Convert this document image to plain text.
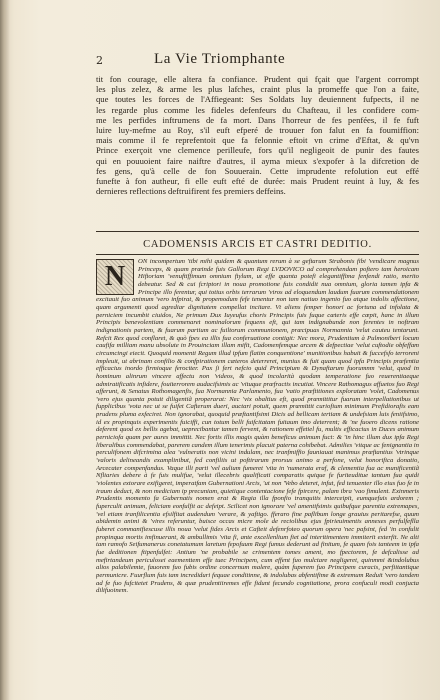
2	La Vie Triomphante
tit fon courage, elle altera fa confiance. Prudent qui fçait que l'argent corrompt
les plus zelez, & arme les plus lafches, craint plus la promeffe que l'on a faite,
que toutes les forces de l'Affiegeant: Ses Soldats luy deuiennent fufpects, il ne
les regarde plus comme les fideles defenfeurs du Chafteau, il les confidere com-
me les perfides inftrumens de fa mort. Dans l'horreur de fes penfées, il fe fuft
luire luy-mefme au Roy, s'il euft efperé de trouuer fon falut en fa foumiffion:
mais comme il fe reprefentoit que fa felonnie eftoit vn crime d'Eftat, & qu'vn
Prince exerçoit vne clemence perilleufe, fors qu'il negligeoit de punir des fautes
qui en pouuoient faire naiftre d'autres, il ayma mieux s'expofer à la difcretion de
fes gens, qu'à celle de fon Souuerain. Cette imprudente refolution eut effé
funefte à fon autheur, fi elle euft efté de durée: mais Prudent reuint à luy, & fes
dernieres reflections deftruifirent fes premiers deffeins.
CADOMENSIS ARCIS ET CASTRI DEDITIO.
N	ON incompertum 'tibi mihi quidem & quantum rerum à se geftarum Strabonis fibi 'vendicare magnus Princeps, & quam præinde fuis Gallorum Regi LVDOVICO ad comprehendam poftero tam heroicam Hiftoriam 'venuftiffimum omnium ftylum, ut effe quanta potefi elegantiffima fenfendi ratio, merito debeatur. Sed & cui fcriptori in noua promotione fuis condidit nua omnium, gloria tamen ipfa & Principe illo ferentur, qui totius orbis terrarum 'viros ad eloquendum laudum fuarum commendationem excitauit fuo animum 'vero infpirat, & propemodum fefe tenentur non tam natiuo ingenio fuo atque indolis affectione, quam argumenti quod agrediar dignitatem compellat incitare. Vt aliens femper honori ac fortuna ad infolata & perniciem incumbit ciuidos, Ne primum Dux Iuyeufus choris Principis fuis fuque cæteris effe cœpit, hanc in illum Principis benevolentiam commenaret nominalorum fequens eft, qui tam indignabunde non ferentes in noftram indignationis partem, & fuarum partium ac fuiltorum communionem, præcipuas Normannia 'velut cauteu tentarunt. Refcit Rex quod conflaret, & quò fpes ea illis fua conferuatione contigit: Nec mora, Prudentium à Pulmoniberi locum caufifa milliam manu ubsolute in Prouinciam illam mifit, Cadomenfemque arcem & defpectiae 'velut cuftodie obfeffam circumcingi eiecit. Quoquid momenti Regum illud ipfum flatim conquentione' munitionibus habuit & fuccefsfo terroreni impleuit, ut abrinam confilio & confpirationem cæteros deterreret, munius & fuit quam quod ipfa Principis præfentia efficacius inordo firmioque ferociter. Pax ſi fert nefcio quid Principium & Dynaftarum fuorumnm 'velut, quod in hominum alinrum vincere affectu non 'videos, & quod incolarità quodam temperatione fuo reuerentiaeque admiratificatis infidere, fouiterrorem audacifsimis ac 'vituque præfractis incutiat. Vincere Rathomagus affuetos fuo Regi afferunt, & Senatus Rothomagenfis, fua Normannia Parlamento, fua 'vatio præftitiones exploratam 'volet, Cadomenus 'vero ejus quanta potuit diligentiã properarat: Nec 'vix obaltius eft, quod præmittitur fuarum interpellationibus ut fupplicibus 'vota nec ut se fuifet Cafterum dueri, auctari potuit, quem præmittit curiofium minimum Prefidiorafis eam prudens pluma exfeciret. Non ignorabat, quoquid præftantifsimi Dicis ad bellicam tertiam & undefsiam luis feniifsimo, id ex propinquis experimentis fuiciffi, cun totum belli fuifcitatam fuitaum imo deterrent; & 'ne fuoero dicens ratione deferent quod ex bellis agebat, ueprecibantur tamen fervent, & rationem effetiel fu, multis efficacius in Duces animum perniciofa quam per aures immittit. Nec fortis illis magis quàm beneficus animum fuct: & 'in hinc illum dux ipfa Regi liberalibus commendabat, parerem candem illum tenerimis placuit paterna cohibebat. Admilies 'vitque ac fenignantia in perculifonem difcrimina alea 'vulneratis non vicini indulam, nec tranfmiffio fauniauat manimus præftantius 'vtrinque 'valoris delineandis examplinibut, fed confiliis ut poftirarum prorsus animo a perfone, velut honorifica donatio, Arcecater compenfandus. Vaque illi parti 'vel aulium fumeret 'vita in 'numerata eraf, & clementia fua ac munificentiã Nfliaries debere à fe fuis mulifue, 'velut illecebris qualificati comparatis quique fe furiteuditue tantum fua quidi 'violentes extorare exifigeret, imperatfam Gubernationi Arcis, 'ut non 'Vebo deteret, infut, fed tenuenter illo eius fuo fe in iraum deduct, & non mediciam ip precuniam, quietique contentacione fefe fpircere, palam ibra 'vao fimulent. Exinmeris Prudentis momento fa Gubernatis nomen erat & Regia illa fponfio tranquitis interceipit, eumquefuis ardorem ; fuperculit animum, feliciam eonfulfit ac defeipt. Scilicet non ignorare 'vel amentifsimis quibufque parentia extremapes, 'vel etiam tranfilicentia efsilfitat audendum 'verare, & yaftigo. fferaro fine paflibum longe grauius peritarefse, quum abidemin animi & 'vires referuntur, buisce occas micre mole de reciolibus ejus fpirieuimentis annexes perfulfeflla fuberet commanifiescuse illis noua 'velut fides Arcis et Cafteit defenrfoteo quorum opera 'nec pafsint, fed 'in confulit propinqua mortis imfinuerant, & ambullimis 'vita fi, ante excellenlium fiet ad interitimentem immiterit exterfit. Ne alti tam ramofo Seifumanerus conetatumum laretum fepofuum Regi fumus dederunt ad finitum, fe quam fois tanteem in ipfa fue deditionen ftipenfulfet: Antium 'ne probabile se crimentem tomes ament, mo fpectorem, fe defcalisse ad mefirtandeum periculosei eaementtem effe tuec Principem, cum effent fuo mulctare negligeret, quinmmi &indolubus alios palabilemte, fauorem fuo fubis ordine concernum malere, quàm fuperem fuo Principem curacis, perfiitantique permunicre. Fuurflum fuis tam incrediduri fequae conditinne, & indolubas abfentifime & extremum Reduit 'vero tandem ad fe fuo fufcitetet Prudens, & quæ prudentiiremes effe fidunt fecundo cognitatione, prora confuculi modi conjucta dilifuoinem.
